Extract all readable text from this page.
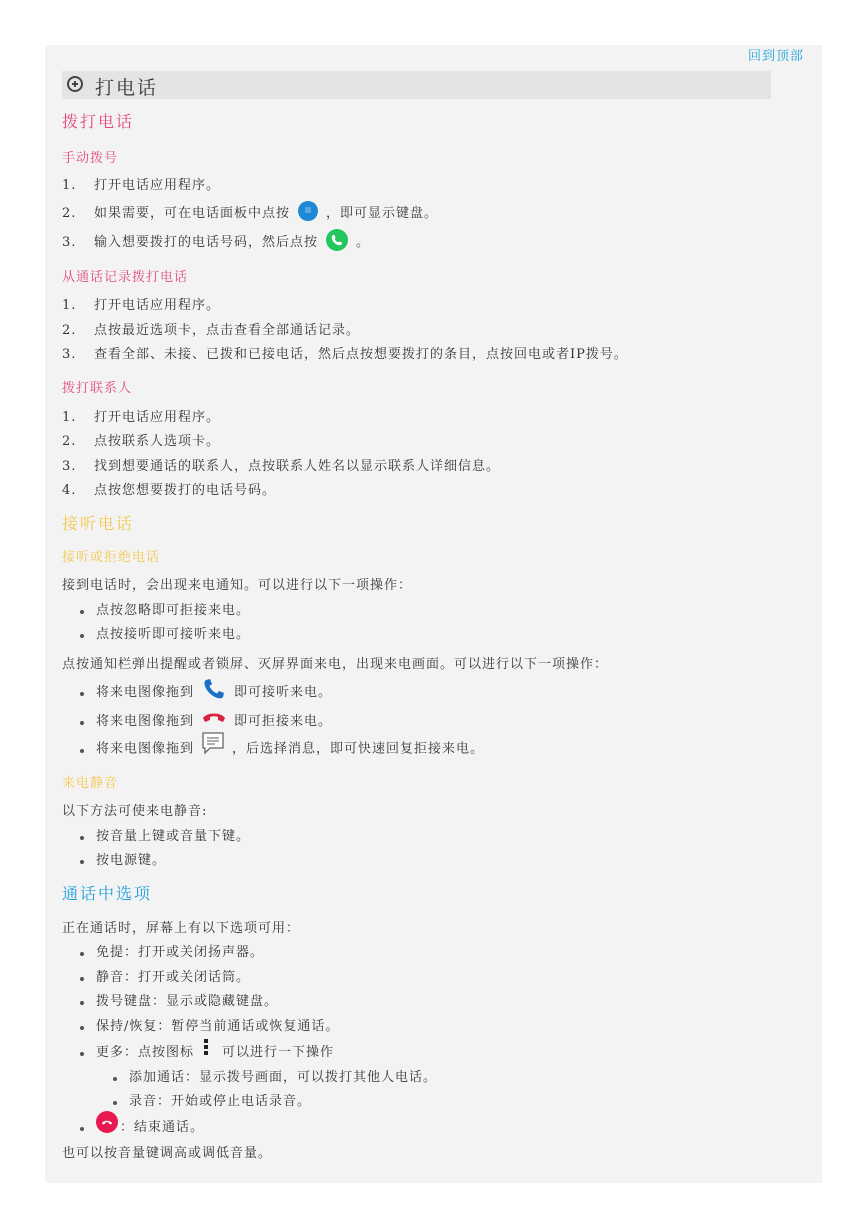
回到顶部
打电话
拨打电话
手动拨号
1. 打开电话应用程序。
2. 如果需要，可在电话面板中点按	，即可显示键盘。
3. 输入想要拨打的电话号码，然后点按	。
从通话记录拨打电话
1. 打开电话应用程序。
2. 点按最近选项卡，点击查看全部通话记录。
3. 查看全部、未接、已拨和已接电话，然后点按想要拨打的条目，点按回电或者IP拨号。
拨打联系人
1. 打开电话应用程序。
2. 点按联系人选项卡。
3. 找到想要通话的联系人，点按联系人姓名以显示联系人详细信息。
4. 点按您想要拨打的电话号码。
接听电话
接听或拒绝电话
接到电话时，会出现来电通知。可以进行以下一项操作：
点按忽略即可拒接来电。
点按接听即可接听来电。
点按通知栏弹出提醒或者锁屏、灭屏界面来电，出现来电画面。可以进行以下一项操作：
将来电图像拖到	即可接听来电。
将来电图像拖到	即可拒接来电。
将来电图像拖到	，后选择消息，即可快速回复拒接来电。
来电静音
以下方法可使来电静音:
按音量上键或音量下键。
按电源键。
通话中选项
正在通话时，屏幕上有以下选项可用：
免提：打开或关闭扬声器。
静音：打开或关闭话筒。
拨号键盘：显示或隐藏键盘。
保持/恢复：暂停当前通话或恢复通话。
更多：点按图标 可以进行一下操作
添加通话：显示拨号画面，可以拨打其他人电话。
录音：开始或停止电话录音。
：结束通话。
也可以按音量键调高或调低音量。
